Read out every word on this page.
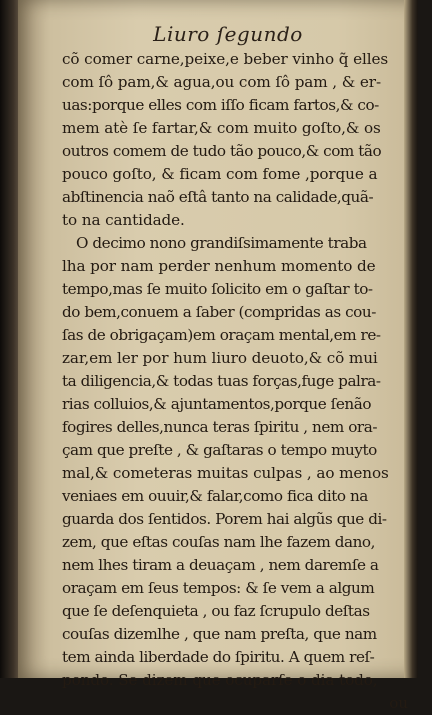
Liuro ſegundo
cõ comer carne,peixe,e beber vinho q̃ elles
com ſô pam,& agua,ou com ſô pam , & er-
uas:porque elles com iſſo ficam fartos,& co-
mem atè ſe fartar,& com muito goſto,& os
outros comem de tudo tão pouco,& com tão
pouco goſto, & ficam com fome ,porque a
abſtinencia naõ eſtâ tanto na calidade,quã-
to na cantidade.
O decimo nono grandiſsimamente traba
lha por nam perder nenhum momento de
tempo,mas ſe muito ſolicito em o gaſtar to-
do bem,conuem a ſaber (compridas as cou-
ſas de obrigaçam)em oraçam mental,em re-
zar,em ler por hum liuro deuoto,& cõ mui
ta diligencia,& todas tuas forças,fuge palra-
rias colluios,& ajuntamentos,porque ſenão
fogires delles,nunca teras ſpiritu , nem ora-
çam que preſte , & gaſtaras o tempo muyto
mal,& cometeras muitas culpas , ao menos
veniaes em ouuir,& falar,como fica dito na
guarda dos ſentidos. Porem hai algũs que di-
zem, que eſtas couſas nam lhe fazem dano,
nem lhes tiram a deuaçam , nem daremſe a
oraçam em ſeus tempos: & ſe vem a algum
que ſe deſenquieta , ou faz ſcrupulo deſtas
couſas dizemlhe , que nam preſta, que nam
tem ainda liberdade do ſpiritu. A quem reſ-
pondo. Se dizem que ocuparſe o dia todo,
ou
